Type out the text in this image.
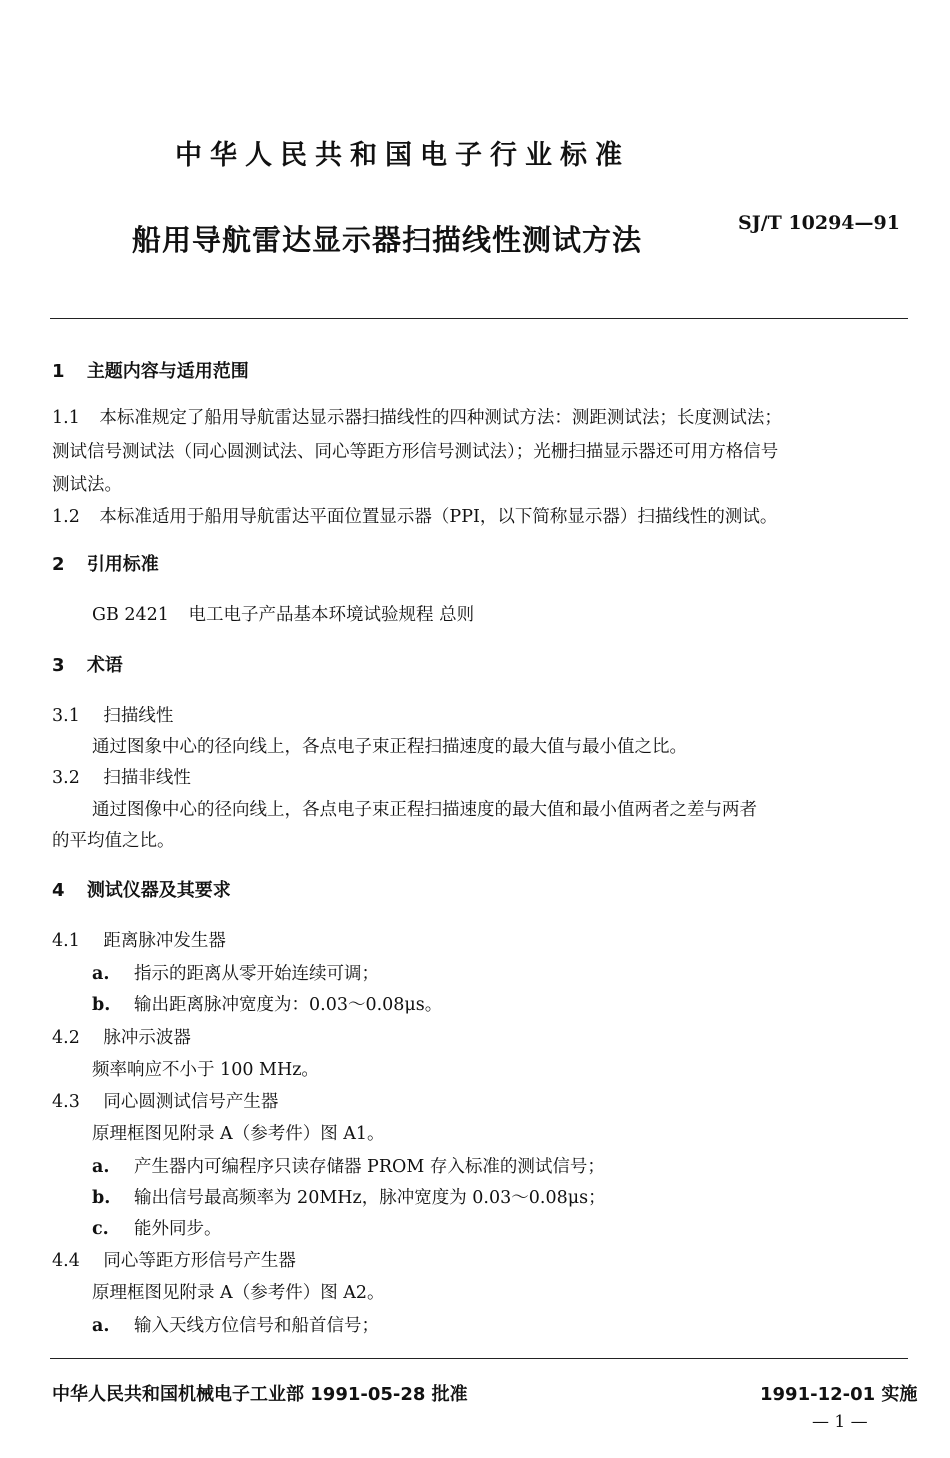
中华人民共和国电子行业标准
船用导航雷达显示器扫描线性测试方法	SJ/T 10294—91
1 主题内容与适用范围
1.1 本标准规定了船用导航雷达显示器扫描线性的四种测试方法：测距测试法；长度测试法；
测试信号测试法（同心圆测试法、同心等距方形信号测试法）；光栅扫描显示器还可用方格信号
测试法。
1.2 本标准适用于船用导航雷达平面位置显示器（PPI，以下简称显示器）扫描线性的测试。
2 引用标准
GB 2421 电工电子产品基本环境试验规程 总则
3 术语
3.1 扫描线性
通过图象中心的径向线上，各点电子束正程扫描速度的最大值与最小值之比。
3.2 扫描非线性
通过图像中心的径向线上，各点电子束正程扫描速度的最大值和最小值两者之差与两者
的平均值之比。
4 测试仪器及其要求
4.1 距离脉冲发生器
a. 指示的距离从零开始连续可调；
b. 输出距离脉冲宽度为：0.03～0.08μs。
4.2 脉冲示波器
频率响应不小于 100 MHz。
4.3 同心圆测试信号产生器
原理框图见附录 A（参考件）图 A1。
a. 产生器内可编程序只读存储器 PROM 存入标准的测试信号；
b. 输出信号最高频率为 20MHz，脉冲宽度为 0.03～0.08μs；
c. 能外同步。
4.4 同心等距方形信号产生器
原理框图见附录 A（参考件）图 A2。
a. 输入天线方位信号和船首信号；
中华人民共和国机械电子工业部 1991-05-28 批准	1991-12-01 实施
— 1 —
